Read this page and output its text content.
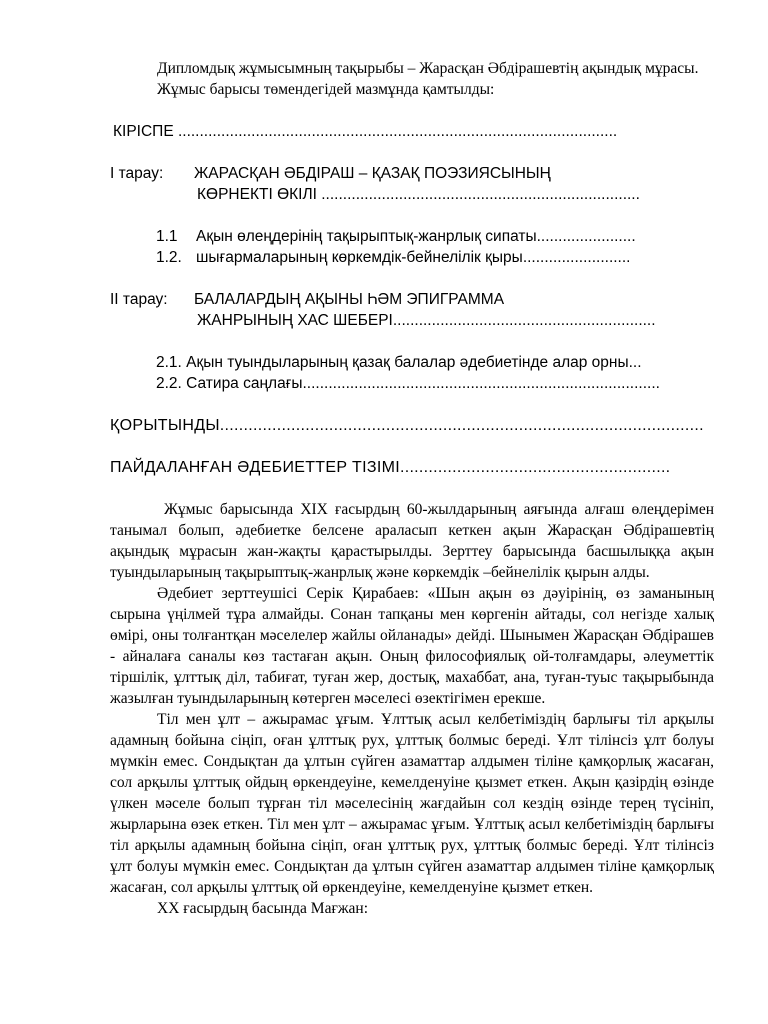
Дипломдық жұмысымның тақырыбы – Жарасқан Әбдірашевтің ақындық мұрасы.

Жұмыс барысы төмендегідей мазмұнда қамтылды:

КІРІСПЕ ......................................................................................................

І тарау:	ЖАРАСҚАН ӘБДІРАШ – ҚАЗАҚ ПОЭЗИЯСЫНЫҢ
КӨРНЕКТІ ӨКІЛІ ..........................................................................

1.1 Ақын өлеңдерінің тақырыптық-жанрлық сипаты.......................

1.2. шығармаларының көркемдік-бейнелілік қыры.........................

ІІ тарау:	БАЛАЛАРДЫҢ АҚЫНЫ ҺӘМ ЭПИГРАММА
ЖАНРЫНЫҢ ХАС ШЕБЕРІ.............................................................

2.1. Ақын туындыларының қазақ балалар әдебиетінде алар орны...

2.2. Сатира саңлағы...................................................................................

ҚОРЫТЫНДЫ......................................................................................................

ПАЙДАЛАНҒАН ӘДЕБИЕТТЕР ТІЗІМІ.........................................................

Жұмыс барысында XIX ғасырдың 60-жылдарының аяғында алғаш өлеңдерімен танымал болып, әдебиетке белсене араласып кеткен ақын Жарасқан Әбдірашевтің ақындық мұрасын жан-жақты қарастырылды. Зерттеу барысында басшылыққа ақын туындыларының тақырыптық-жанрлық және көркемдік –бейнелілік қырын алды.

Әдебиет зерттеушісі Серік Қирабаев: «Шын ақын өз дәуірінің, өз заманының сырына үңілмей тұра алмайды. Сонан тапқаны мен көргенін айтады, сол негізде халық өмірі, оны толғантқан мәселелер жайлы ойланады» дейді. Шынымен Жарасқан Әбдірашев - айналаға саналы көз тастаған ақын. Оның философиялық ой-толғамдары, әлеуметтік тіршілік, ұлттық діл, табиғат, туған жер, достық, махаббат, ана, туған-туыс тақырыбында жазылған туындыларының көтерген мәселесі өзектігімен ерекше.

Тіл мен ұлт – ажырамас ұғым. Ұлттық асыл келбетіміздің барлығы тіл арқылы адамның бойына сіңіп, оған ұлттық рух, ұлттық болмыс береді. Ұлт тілінсіз ұлт болуы мүмкін емес. Сондықтан да ұлтын сүйген азаматтар алдымен тіліне қамқорлық жасаған, сол арқылы ұлттық ойдың өркендеуіне, кемелденуіне қызмет еткен. Ақын қазірдің өзінде үлкен мәселе болып тұрған тіл мәселесінің жағдайын сол кездің өзінде терең түсініп, жырларына өзек еткен. Тіл мен ұлт – ажырамас ұғым. Ұлттық асыл келбетіміздің барлығы тіл арқылы адамның бойына сіңіп, оған ұлттық рух, ұлттық болмыс береді. Ұлт тілінсіз ұлт болуы мүмкін емес. Сондықтан да ұлтын сүйген азаматтар алдымен тіліне қамқорлық жасаған, сол арқылы ұлттық ой өркендеуіне, кемелденуіне қызмет еткен.

ХХ ғасырдың басында Мағжан:
